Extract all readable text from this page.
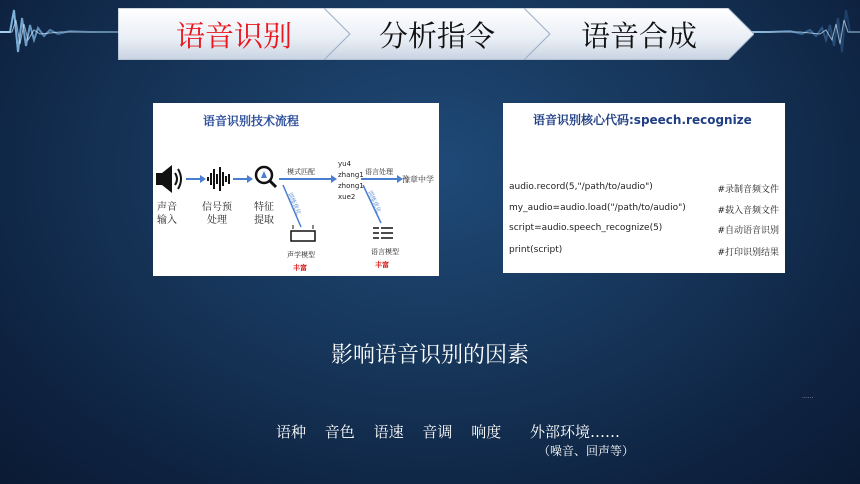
语音识别	分析指令	语音合成
语音识别技术流程
声音
输入
信号预
处理
特征
提取
模式匹配
yu4
zhang1
zhong1
xue2
语言处理
豫章中学
训练优化	训练优化
声学模型
丰富
语言模型
丰富
语音识别核心代码:speech.recognize
audio.record(5,"/path/to/audio")	#录制音频文件
my_audio=audio.load("/path/to/audio")	#载入音频文件
script=audio.speech_recognize(5)	#自动语音识别
print(script)	#打印识别结果
影响语音识别的因素
......
语种 音色 语速 音调 响度 外部环境……
（噪音、回声等）
